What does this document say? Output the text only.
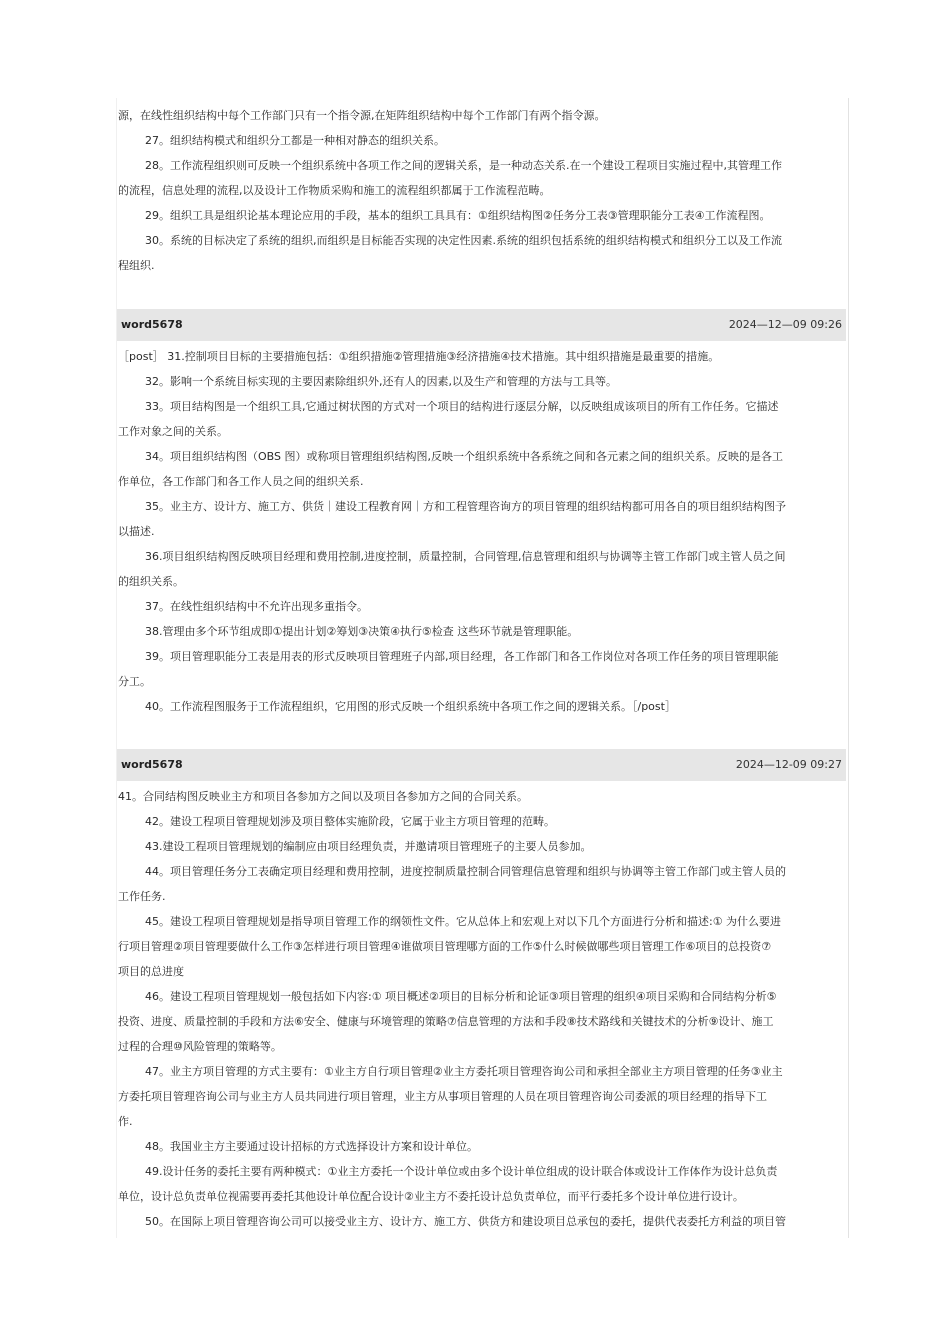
源，在线性组织结构中每个工作部门只有一个指令源,在矩阵组织结构中每个工作部门有两个指令源。
27。组织结构模式和组织分工都是一种相对静态的组织关系。
28。工作流程组织则可反映一个组织系统中各项工作之间的逻辑关系，是一种动态关系.在一个建设工程项目实施过程中,其管理工作
的流程，信息处理的流程,以及设计工作物质采购和施工的流程组织都属于工作流程范畴。
29。组织工具是组织论基本理论应用的手段，基本的组织工具具有：①组织结构图②任务分工表③管理职能分工表④工作流程图。
30。系统的目标决定了系统的组织,而组织是目标能否实现的决定性因素.系统的组织包括系统的组织结构模式和组织分工以及工作流
程组织.
word5678	2024—12—09 09:26
［post］ 31.控制项目目标的主要措施包括：①组织措施②管理措施③经济措施④技术措施。其中组织措施是最重要的措施。
32。影响一个系统目标实现的主要因素除组织外,还有人的因素,以及生产和管理的方法与工具等。
33。项目结构图是一个组织工具,它通过树状图的方式对一个项目的结构进行逐层分解，以反映组成该项目的所有工作任务。它描述
工作对象之间的关系。
34。项目组织结构图（OBS 图）或称项目管理组织结构图,反映一个组织系统中各系统之间和各元素之间的组织关系。反映的是各工
作单位，各工作部门和各工作人员之间的组织关系.
35。业主方、设计方、施工方、供货｜建设工程教育网｜方和工程管理咨询方的项目管理的组织结构都可用各自的项目组织结构图予
以描述.
36.项目组织结构图反映项目经理和费用控制,进度控制，质量控制，合同管理,信息管理和组织与协调等主管工作部门或主管人员之间
的组织关系。
37。在线性组织结构中不允许出现多重指令。
38.管理由多个环节组成即①提出计划②筹划③决策④执行⑤检查 这些环节就是管理职能。
39。项目管理职能分工表是用表的形式反映项目管理班子内部,项目经理，各工作部门和各工作岗位对各项工作任务的项目管理职能
分工。
40。工作流程图服务于工作流程组织，它用图的形式反映一个组织系统中各项工作之间的逻辑关系。［/post］
word5678	2024—12-09 09:27
41。合同结构图反映业主方和项目各参加方之间以及项目各参加方之间的合同关系。
42。建设工程项目管理规划涉及项目整体实施阶段，它属于业主方项目管理的范畴。
43.建设工程项目管理规划的编制应由项目经理负责，并邀请项目管理班子的主要人员参加。
44。项目管理任务分工表确定项目经理和费用控制，进度控制质量控制合同管理信息管理和组织与协调等主管工作部门或主管人员的
工作任务.
45。建设工程项目管理规划是指导项目管理工作的纲领性文件。它从总体上和宏观上对以下几个方面进行分析和描述:① 为什么要进
行项目管理②项目管理要做什么工作③怎样进行项目管理④谁做项目管理哪方面的工作⑤什么时候做哪些项目管理工作⑥项目的总投资⑦
项目的总进度
46。建设工程项目管理规划一般包括如下内容:① 项目概述②项目的目标分析和论证③项目管理的组织④项目采购和合同结构分析⑤
投资、进度、质量控制的手段和方法⑥安全、健康与环境管理的策略⑦信息管理的方法和手段⑧技术路线和关键技术的分析⑨设计、施工
过程的合理⑩风险管理的策略等。
47。业主方项目管理的方式主要有：①业主方自行项目管理②业主方委托项目管理咨询公司和承担全部业主方项目管理的任务③业主
方委托项目管理咨询公司与业主方人员共同进行项目管理，业主方从事项目管理的人员在项目管理咨询公司委派的项目经理的指导下工
作.
48。我国业主方主要通过设计招标的方式选择设计方案和设计单位。
49.设计任务的委托主要有两种模式：①业主方委托一个设计单位或由多个设计单位组成的设计联合体或设计工作体作为设计总负责
单位，设计总负责单位视需要再委托其他设计单位配合设计②业主方不委托设计总负责单位，而平行委托多个设计单位进行设计。
50。在国际上项目管理咨询公司可以接受业主方、设计方、施工方、供货方和建设项目总承包的委托，提供代表委托方利益的项目管
